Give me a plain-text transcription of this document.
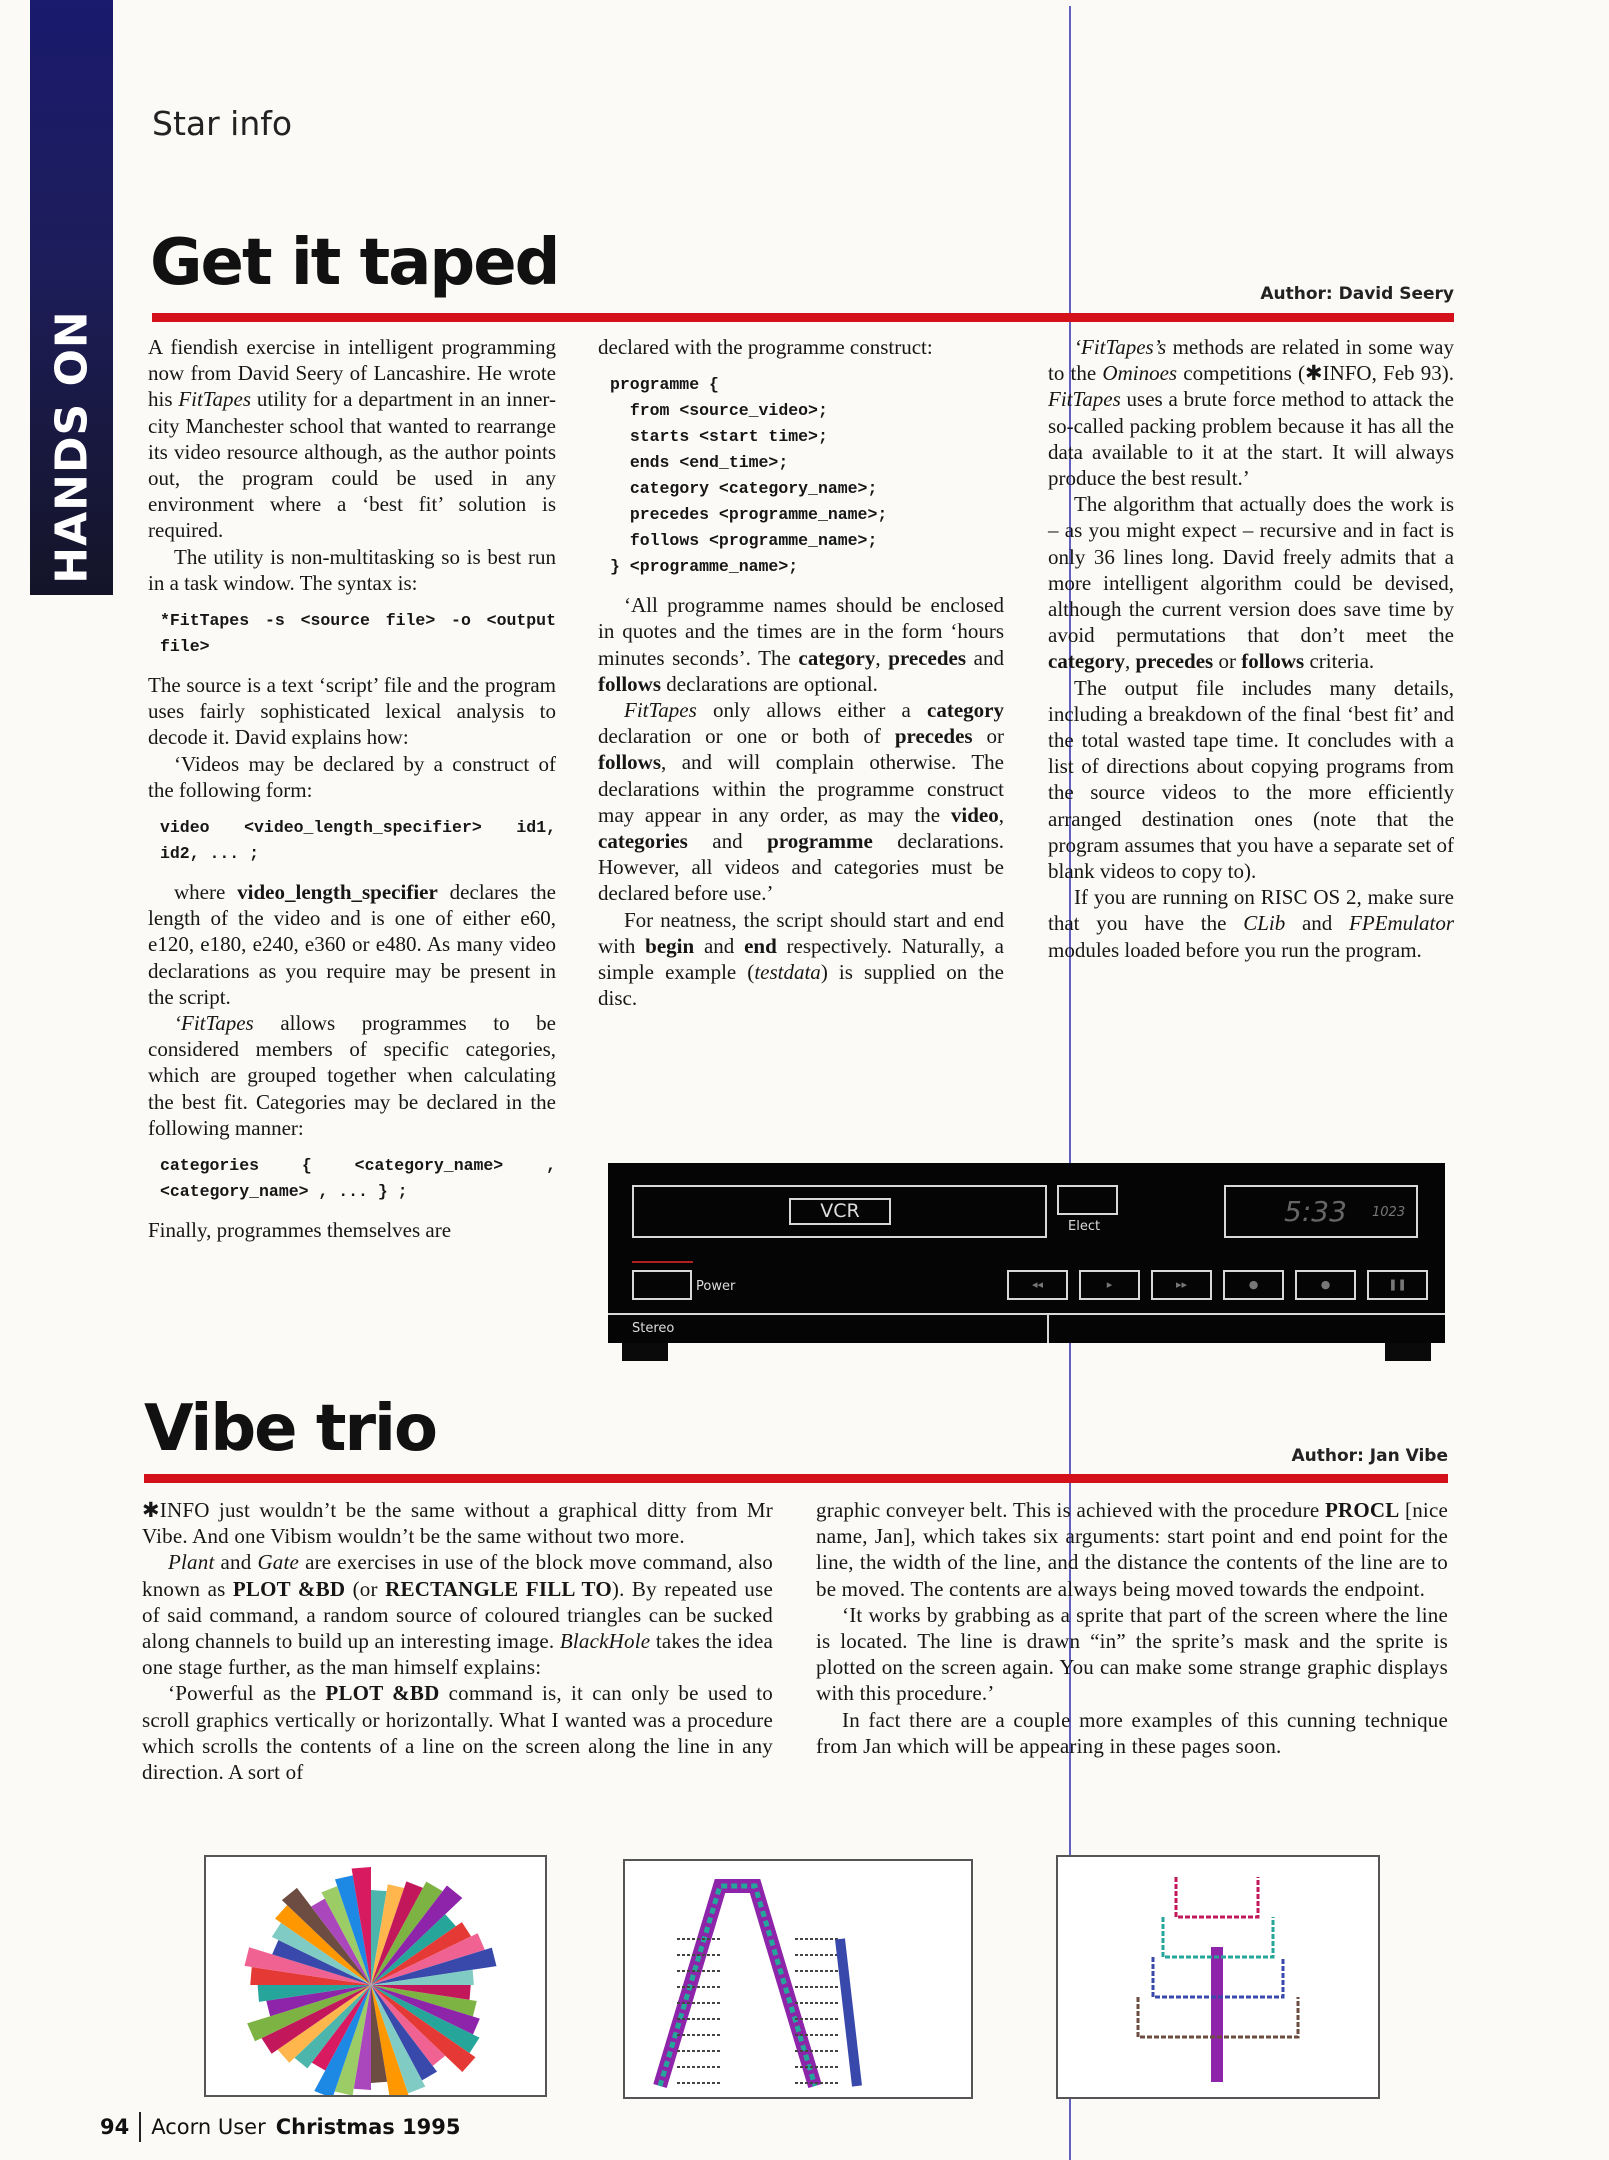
HANDS ON
Star info
Get it taped	Author: David Seery

A fiendish exercise in intelligent programming now from David Seery of Lancashire. He wrote his FitTapes utility for a department in an inner-city Manchester school that wanted to rearrange its video resource although, as the author points out, the program could be used in any environment where a ‘best fit’ solution is required.

The utility is non-multitasking so is best run in a task window. The syntax is:

*FitTapes -s <source file> -o <output file>

The source is a text ‘script’ file and the program uses fairly sophisticated lexical analysis to decode it. David explains how:

‘Videos may be declared by a construct of the following form:

video <video_length_specifier> id1, id2, ... ;

where video_length_specifier declares the length of the video and is one of either e60, e120, e180, e240, e360 or e480. As many video declarations as you require may be present in the script.

‘FitTapes allows programmes to be considered members of specific categories, which are grouped together when calculating the best fit. Categories may be declared in the following manner:

categories { <category_name> , <category_name> , ... } ;

Finally, programmes themselves are

declared with the programme construct:

programme {
from <source_video>;
starts <start time>;
ends <end_time>;
category <category_name>;
precedes <programme_name>;
follows <programme_name>;
} <programme_name>;

‘All programme names should be enclosed in quotes and the times are in the form ‘hours minutes seconds’. The category, precedes and follows declarations are optional.

FitTapes only allows either a category declaration or one or both of precedes or follows, and will complain otherwise. The declarations within the programme construct may appear in any order, as may the video, categories and programme declarations. However, all videos and categories must be declared before use.’

For neatness, the script should start and end with begin and end respectively. Naturally, a simple example (testdata) is supplied on the disc.

‘FitTapes’s methods are related in some way to the Ominoes competitions (✱INFO, Feb 93). FitTapes uses a brute force method to attack the so-called packing problem because it has all the data available to it at the start. It will always produce the best result.’

The algorithm that actually does the work is – as you might expect – recursive and in fact is only 36 lines long. David freely admits that a more intelligent algorithm could be devised, although the current version does save time by avoid permutations that don’t meet the category, precedes or follows criteria.

The output file includes many details, including a breakdown of the final ‘best fit’ and the total wasted tape time. It concludes with a list of directions about copying programs from the source videos to the more efficiently arranged destination ones (note that the program assumes that you have a separate set of blank videos to copy to).

If you are running on RISC OS 2, make sure that you have the CLib and FPEmulator modules loaded before you run the program.

VCR
Elect	5:33 1023
Power	◂◂	▸	▸▸	●	●	❚❚
Stereo
Vibe trio	Author: Jan Vibe

✱INFO just wouldn’t be the same without a graphical ditty from Mr Vibe. And one Vibism wouldn’t be the same without two more.

Plant and Gate are exercises in use of the block move command, also known as PLOT &BD (or RECTANGLE FILL TO). By repeated use of said command, a random source of coloured triangles can be sucked along channels to build up an interesting image. BlackHole takes the idea one stage further, as the man himself explains:

‘Powerful as the PLOT &BD command is, it can only be used to scroll graphics vertically or horizontally. What I wanted was a procedure which scrolls the contents of a line on the screen along the line in any direction. A sort of

graphic conveyer belt. This is achieved with the procedure PROCL [nice name, Jan], which takes six arguments: start point and end point for the line, the width of the line, and the distance the contents of the line are to be moved. The contents are always being moved towards the endpoint.

‘It works by grabbing as a sprite that part of the screen where the line is located. The line is drawn “in” the sprite’s mask and the sprite is plotted on the screen again. You can make some strange graphic displays with this procedure.’

In fact there are a couple more examples of this cunning technique from Jan which will be appearing in these pages soon.

94 Acorn User Christmas 1995
